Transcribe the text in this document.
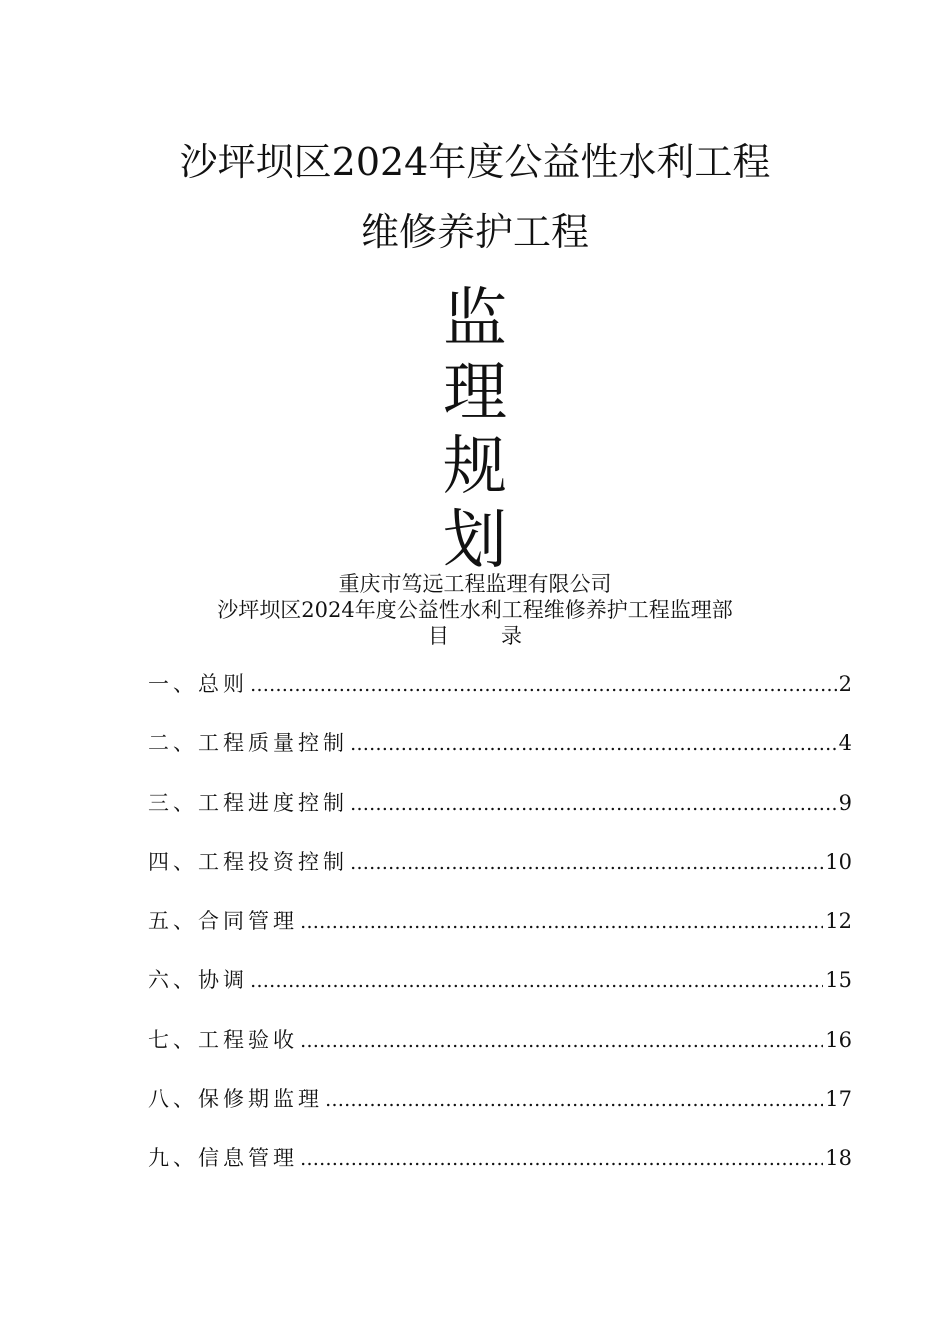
沙坪坝区2024年度公益性水利工程
维修养护工程
监
理
规
划
重庆市笃远工程监理有限公司
沙坪坝区2024年度公益性水利工程维修养护工程监理部
目录
一、总则 …………………………………………………………………………………………………………………………………………………………	2
二、工程质量控制 …………………………………………………………………………………………………………………………………………………………	4
三、工程进度控制 …………………………………………………………………………………………………………………………………………………………	9
四、工程投资控制 …………………………………………………………………………………………………………………………………………………………	10
五、合同管理 …………………………………………………………………………………………………………………………………………………………	12
六、协调 …………………………………………………………………………………………………………………………………………………………	15
七、工程验收 …………………………………………………………………………………………………………………………………………………………	16
八、保修期监理 …………………………………………………………………………………………………………………………………………………………	17
九、信息管理 …………………………………………………………………………………………………………………………………………………………	18
